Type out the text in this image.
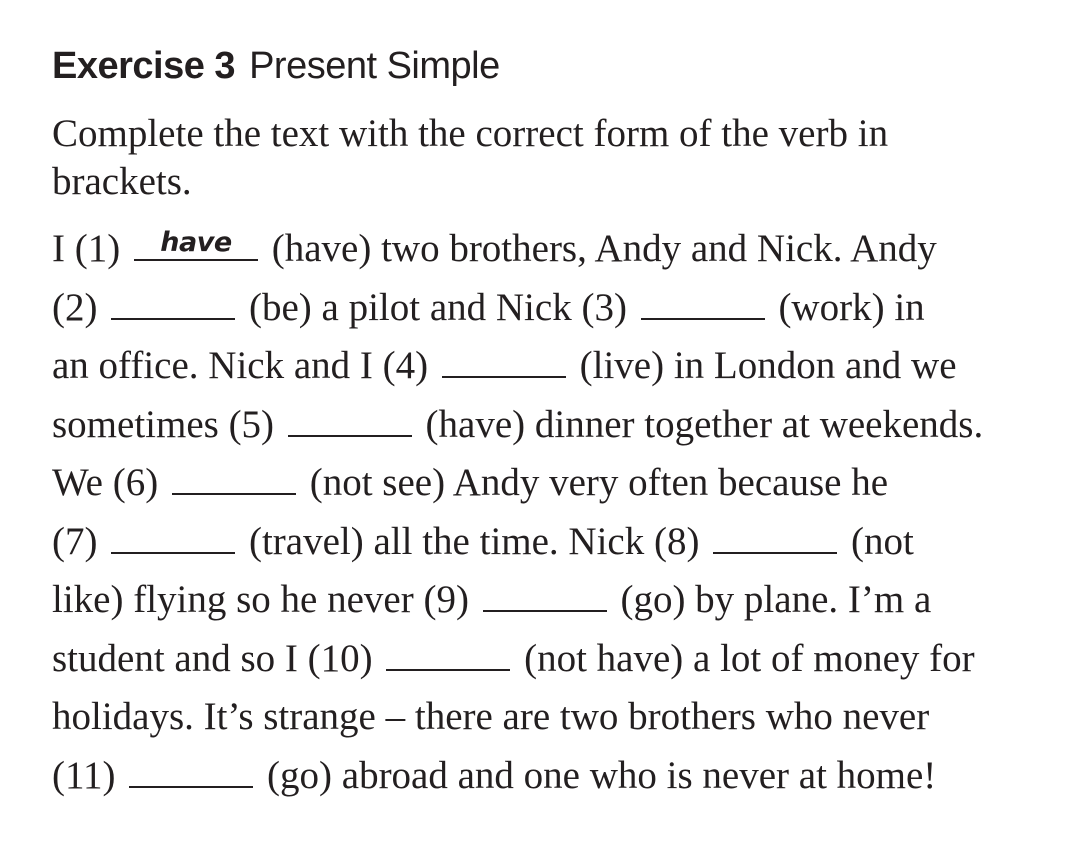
Exercise 3 Present Simple

Complete the text with the correct form of the verb in brackets.

I (1)	have (have) two brothers, Andy and Nick. Andy
(2)	(be) a pilot and Nick (3)	(work) in
an office. Nick and I (4)	(live) in London and we
sometimes (5)	(have) dinner together at weekends.
We (6)	(not see) Andy very often because he
(7)	(travel) all the time. Nick (8)	(not
like) flying so he never (9)	(go) by plane. I’m a
student and so I (10)	(not have) a lot of money for
holidays. It’s strange – there are two brothers who never
(11)	(go) abroad and one who is never at home!
